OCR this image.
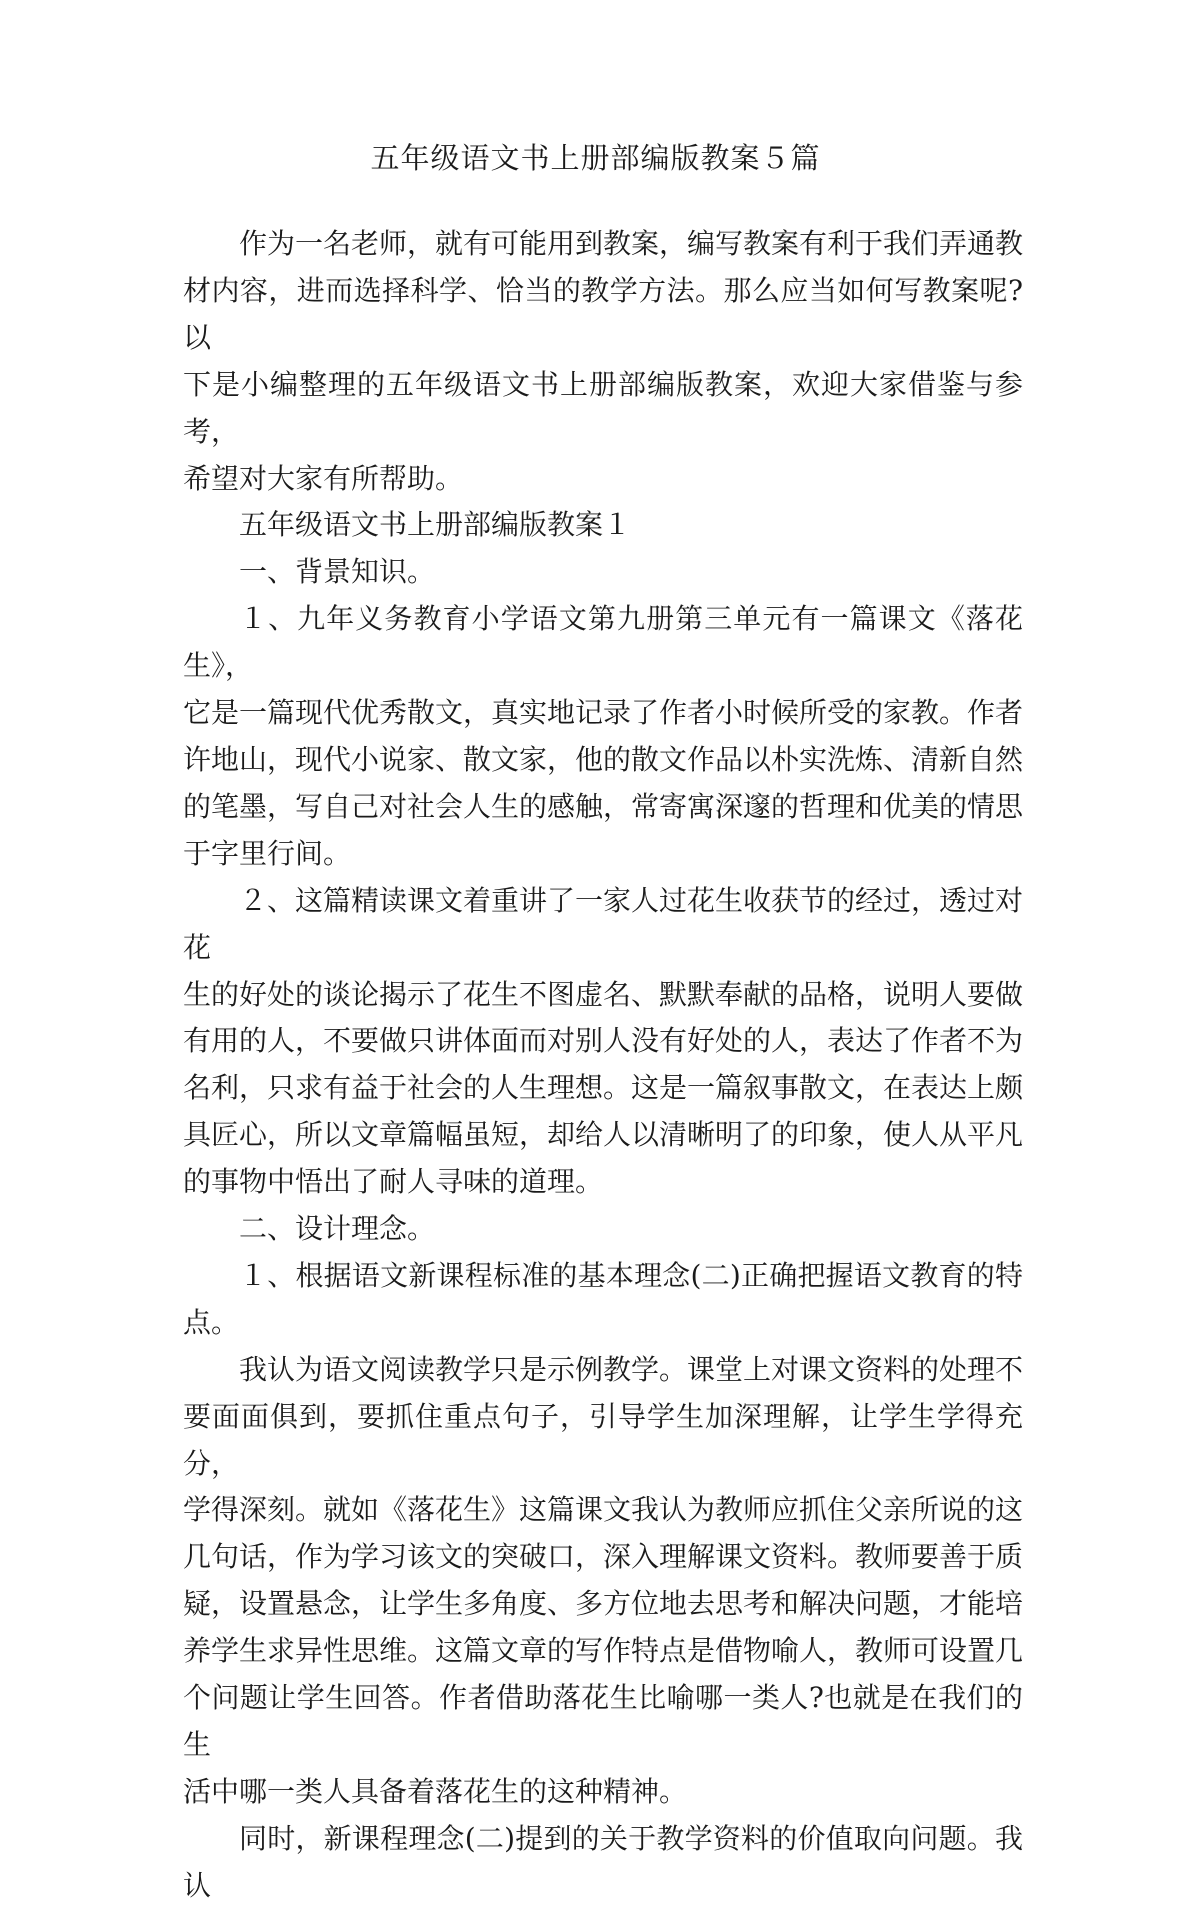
五年级语文书上册部编版教案５篇

作为一名老师，就有可能用到教案，编写教案有利于我们弄通教
材内容，进而选择科学、恰当的教学方法。那么应当如何写教案呢?以
下是小编整理的五年级语文书上册部编版教案，欢迎大家借鉴与参考，
希望对大家有所帮助。

五年级语文书上册部编版教案１

一、背景知识。

１、九年义务教育小学语文第九册第三单元有一篇课文《落花生》，
它是一篇现代优秀散文，真实地记录了作者小时候所受的家教。作者
许地山，现代小说家、散文家，他的散文作品以朴实洗炼、清新自然
的笔墨，写自己对社会人生的感触，常寄寓深邃的哲理和优美的情思
于字里行间。

２、这篇精读课文着重讲了一家人过花生收获节的经过，透过对花
生的好处的谈论揭示了花生不图虚名、默默奉献的品格，说明人要做
有用的人，不要做只讲体面而对别人没有好处的人，表达了作者不为
名利，只求有益于社会的人生理想。这是一篇叙事散文，在表达上颇
具匠心，所以文章篇幅虽短，却给人以清晰明了的印象，使人从平凡
的事物中悟出了耐人寻味的道理。

二、设计理念。

１、根据语文新课程标准的基本理念(二)正确把握语文教育的特点。

我认为语文阅读教学只是示例教学。课堂上对课文资料的处理不
要面面俱到，要抓住重点句子，引导学生加深理解，让学生学得充分，
学得深刻。就如《落花生》这篇课文我认为教师应抓住父亲所说的这
几句话，作为学习该文的突破口，深入理解课文资料。教师要善于质
疑，设置悬念，让学生多角度、多方位地去思考和解决问题，才能培
养学生求异性思维。这篇文章的写作特点是借物喻人，教师可设置几
个问题让学生回答。作者借助落花生比喻哪一类人?也就是在我们的生
活中哪一类人具备着落花生的这种精神。

同时，新课程理念(二)提到的关于教学资料的价值取向问题。我认
